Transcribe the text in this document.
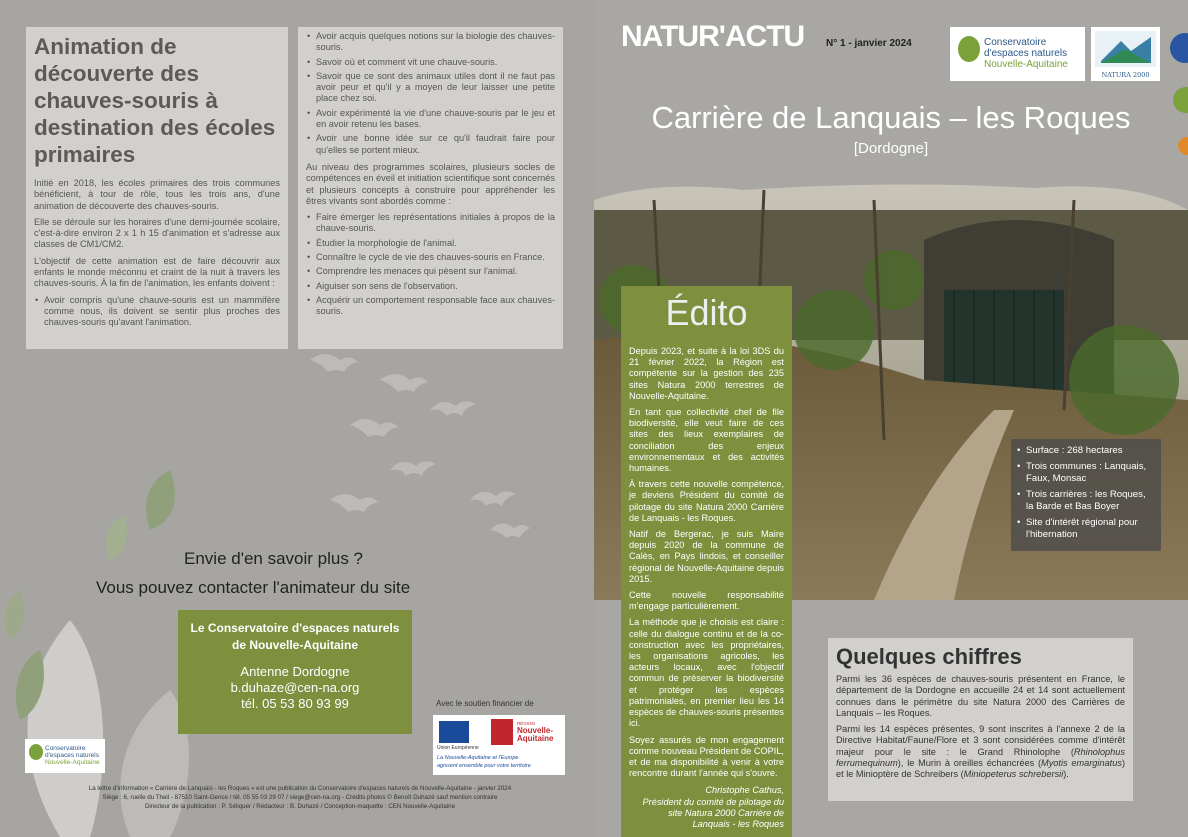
Animation de découverte des chauves-souris à destination des écoles primaires

Initié en 2018, les écoles primaires des trois communes bénéficient, à tour de rôle, tous les trois ans, d'une animation de découverte des chauves-souris.

Elle se déroule sur les horaires d'une demi-journée scolaire, c'est-à-dire environ 2 x 1 h 15 d'animation et s'adresse aux classes de CM1/CM2.

L'objectif de cette animation est de faire découvrir aux enfants le monde méconnu et craint de la nuit à travers les chauves-souris. À la fin de l'animation, les enfants doivent :

• Avoir compris qu'une chauve-souris est un mammifère comme nous, ils doivent se sentir plus proches des chauves-souris qu'avant l'animation.
• Avoir acquis quelques notions sur la biologie des chauves-souris.
• Savoir où et comment vit une chauve-souris.
• Savoir que ce sont des animaux utiles dont il ne faut pas avoir peur et qu'il y a moyen de leur laisser une petite place chez soi.
• Avoir expérimenté la vie d'une chauve-souris par le jeu et en avoir retenu les bases.
• Avoir une bonne idée sur ce qu'il faudrait faire pour qu'elles se portent mieux.

Au niveau des programmes scolaires, plusieurs socles de compétences en éveil et initiation scientifique sont concernés et plusieurs concepts à construire pour appréhender les êtres vivants sont abordés comme :

• Faire émerger les représentations initiales à propos de la chauve-souris.
• Étudier la morphologie de l'animal.
• Connaître le cycle de vie des chauves-souris en France.
• Comprendre les menaces qui pèsent sur l'animal.
• Aiguiser son sens de l'observation.
• Acquérir un comportement responsable face aux chauves-souris.
Envie d'en savoir plus ?
Vous pouvez contacter l'animateur du site
Le Conservatoire d'espaces naturels de Nouvelle-Aquitaine
Antenne Dordogne
b.duhaze@cen-na.org
tél. 05 53 80 93 99	Avec le soutien financier de
Union Européenne
RÉGION
Nouvelle-Aquitaine
La Nouvelle-Aquitaine et l'Europe
agissent ensemble pour votre territoire
Conservatoire
d'espaces naturels
Nouvelle-Aquitaine
La lettre d'information « Carrière de Lanquais - les Roques » est une publication du Conservatoire d'espaces naturels de Nouvelle-Aquitaine - janvier 2024
Siège : 6, ruelle du Theil - 87510 Saint-Gence / tél. 05 55 03 29 07 / siege@cen-na.org - Crédits photos © Benoît Duhazé sauf mention contraire
Directeur de la publication : P. Séliquer / Rédacteur : B. Duhazé / Conception-maquette : CEN Nouvelle-Aquitaine
NATUR'ACTU N° 1 - janvier 2024	Conservatoire
d'espaces naturels
Nouvelle-Aquitaine
NATURA 2000
Carrière de Lanquais – les Roques
[Dordogne]
Édito

Depuis 2023, et suite à la loi 3DS du 21 février 2022, la Région est compétente sur la gestion des 235 sites Natura 2000 terrestres de Nouvelle-Aquitaine.

En tant que collectivité chef de file biodiversité, elle veut faire de ces sites des lieux exemplaires de conciliation des enjeux environnementaux et des activités humaines.

À travers cette nouvelle compétence, je deviens Président du comité de pilotage du site Natura 2000 Carrière de Lanquais - les Roques.

Natif de Bergerac, je suis Maire depuis 2020 de la commune de Calès, en Pays lindois, et conseiller régional de Nouvelle-Aquitaine depuis 2015.

Cette nouvelle responsabilité m'engage particulièrement.

La méthode que je choisis est claire : celle du dialogue continu et de la co-construction avec les propriétaires, les organisations agricoles, les acteurs locaux, avec l'objectif commun de préserver la biodiversité et protéger les espèces patrimoniales, en premier lieu les 14 espèces de chauves-souris présentes ici.

Soyez assurés de mon engagement comme nouveau Président de COPIL, et de ma disponibilité à venir à votre rencontre durant l'année qui s'ouvre.

Christophe Cathus,
Président du comité de pilotage du site Natura 2000 Carrière de Lanquais - les Roques
• Surface : 268 hectares
• Trois communes : Lanquais, Faux, Monsac
• Trois carrières : les Roques, la Barde et Bas Boyer
• Site d'intérêt régional pour l'hibernation
Quelques chiffres

Parmi les 36 espèces de chauves-souris présentent en France, le département de la Dordogne en accueille 24 et 14 sont actuellement connues dans le périmètre du site Natura 2000 des Carrières de Lanquais – les Roques.

Parmi les 14 espèces présentes, 9 sont inscrites à l'annexe 2 de la Directive Habitat/Faune/Flore et 3 sont considérées comme d'intérêt majeur pour le site : le Grand Rhinolophe (Rhinolophus ferrumequinum), le Murin à oreilles échancrées (Myotis emarginatus) et le Minioptère de Schreibers (Miniopeterus schrebersii).
